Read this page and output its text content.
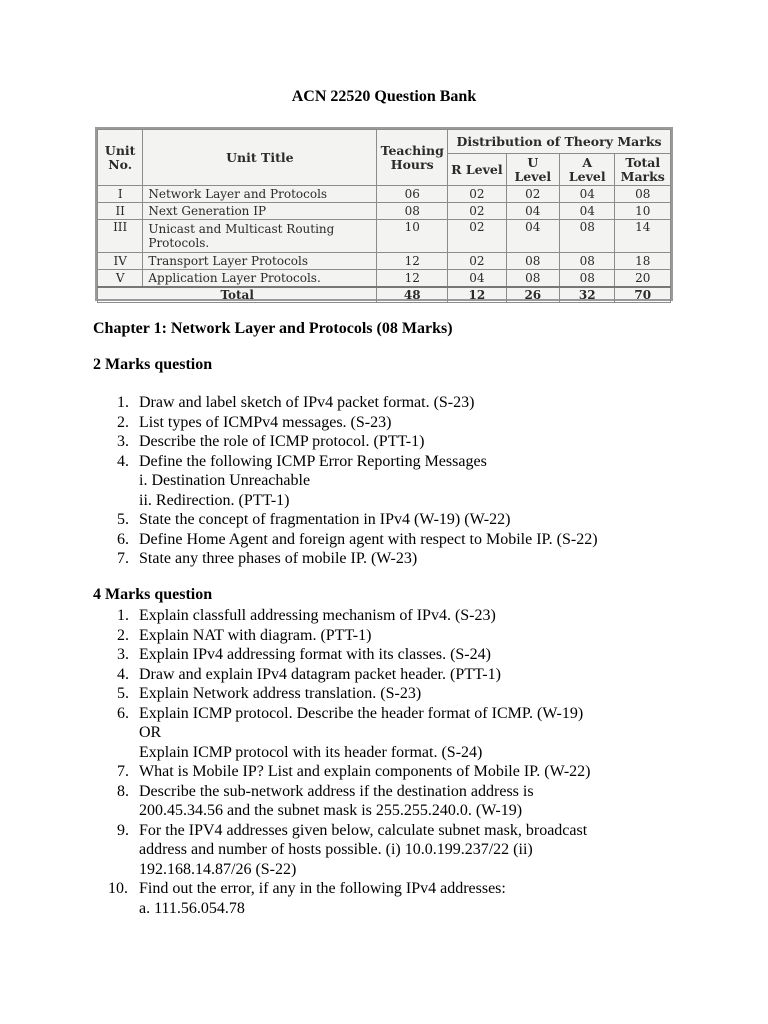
ACN 22520 Question Bank
Unit No.	Unit Title	Teaching Hours	Distribution of Theory Marks			
			R Level	U Level	A Level	Total Marks
I	Network Layer and Protocols	06	02	02	04	08
II	Next Generation IP	08	02	04	04	10
III	Unicast and Multicast Routing Protocols.	10	02	04	08	14
IV	Transport Layer Protocols	12	02	08	08	18
V	Application Layer Protocols.	12	04	08	08	20
Total		48	12	26	32	70
Chapter 1: Network Layer and Protocols (08 Marks)
2 Marks question
1. Draw and label sketch of IPv4 packet format. (S-23)
2. List types of ICMPv4 messages. (S-23)
3. Describe the role of ICMP protocol. (PTT-1)
4. Define the following ICMP Error Reporting Messages
i. Destination Unreachable
ii. Redirection. (PTT-1)
5. State the concept of fragmentation in IPv4 (W-19) (W-22)
6. Define Home Agent and foreign agent with respect to Mobile IP. (S-22)
7. State any three phases of mobile IP. (W-23)
4 Marks question
1. Explain classfull addressing mechanism of IPv4. (S-23)
2. Explain NAT with diagram. (PTT-1)
3. Explain IPv4 addressing format with its classes. (S-24)
4. Draw and explain IPv4 datagram packet header. (PTT-1)
5. Explain Network address translation. (S-23)
6. Explain ICMP protocol. Describe the header format of ICMP. (W-19)
OR
Explain ICMP protocol with its header format. (S-24)
7. What is Mobile IP? List and explain components of Mobile IP. (W-22)
8. Describe the sub-network address if the destination address is
200.45.34.56 and the subnet mask is 255.255.240.0. (W-19)
9. For the IPV4 addresses given below, calculate subnet mask, broadcast
address and number of hosts possible. (i) 10.0.199.237/22 (ii)
192.168.14.87/26 (S-22)
10. Find out the error, if any in the following IPv4 addresses:
a. 111.56.054.78
